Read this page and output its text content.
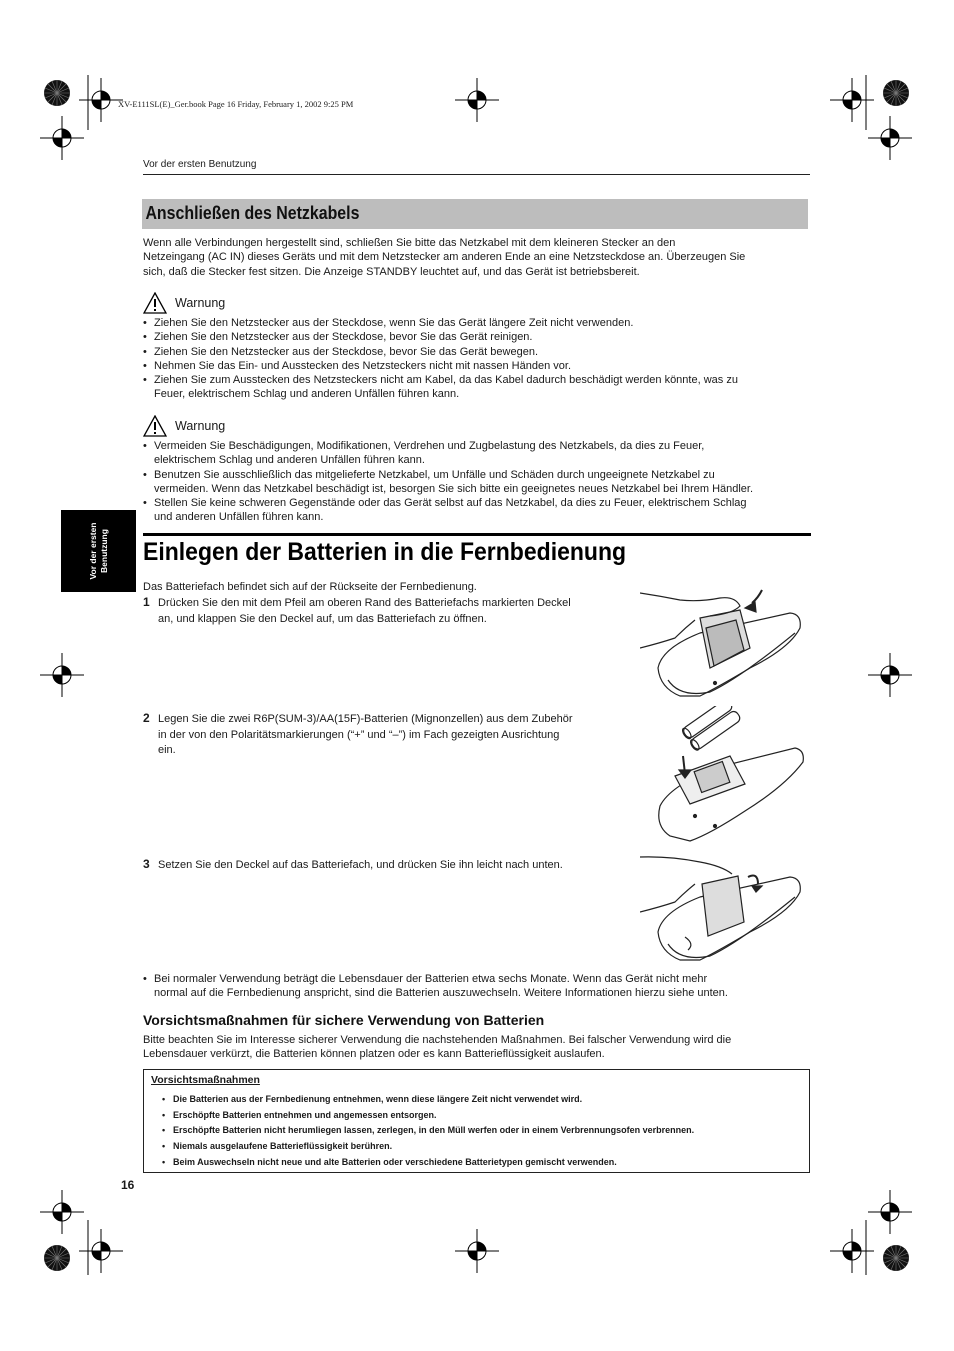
XV-E111SL(E)_Ger.book Page 16 Friday, February 1, 2002 9:25 PM
Vor der ersten Benutzung
Anschließen des Netzkabels
Wenn alle Verbindungen hergestellt sind, schließen Sie bitte das Netzkabel mit dem kleineren Stecker an den
Netzeingang (AC IN) dieses Geräts und mit dem Netzstecker am anderen Ende an eine Netzsteckdose an. Überzeugen Sie
sich, daß die Stecker fest sitzen. Die Anzeige STANDBY leuchtet auf, und das Gerät ist betriebsbereit.
Warnung
• Ziehen Sie den Netzstecker aus der Steckdose, wenn Sie das Gerät längere Zeit nicht verwenden.
• Ziehen Sie den Netzstecker aus der Steckdose, bevor Sie das Gerät reinigen.
• Ziehen Sie den Netzstecker aus der Steckdose, bevor Sie das Gerät bewegen.
• Nehmen Sie das Ein- und Ausstecken des Netzsteckers nicht mit nassen Händen vor.
• Ziehen Sie zum Ausstecken des Netzsteckers nicht am Kabel, da das Kabel dadurch beschädigt werden könnte, was zu
Feuer, elektrischem Schlag und anderen Unfällen führen kann.
Warnung
• Vermeiden Sie Beschädigungen, Modifikationen, Verdrehen und Zugbelastung des Netzkabels, da dies zu Feuer,
elektrischem Schlag und anderen Unfällen führen kann.
• Benutzen Sie ausschließlich das mitgelieferte Netzkabel, um Unfälle und Schäden durch ungeeignete Netzkabel zu
vermeiden. Wenn das Netzkabel beschädigt ist, besorgen Sie sich bitte ein geeignetes neues Netzkabel bei Ihrem Händler.
• Stellen Sie keine schweren Gegenstände oder das Gerät selbst auf das Netzkabel, da dies zu Feuer, elektrischem Schlag
und anderen Unfällen führen kann.
Vor der ersten Benutzung Einlegen der Batterien in die Fernbedienung
Das Batteriefach befindet sich auf der Rückseite der Fernbedienung.
1 Drücken Sie den mit dem Pfeil am oberen Rand des Batteriefachs markierten Deckel
an, und klappen Sie den Deckel auf, um das Batteriefach zu öffnen.
2 Legen Sie die zwei R6P(SUM-3)/AA(15F)-Batterien (Mignonzellen) aus dem Zubehör
in der von den Polaritätsmarkierungen (“+” und “–”) im Fach gezeigten Ausrichtung
ein.
3 Setzen Sie den Deckel auf das Batteriefach, und drücken Sie ihn leicht nach unten.
• Bei normaler Verwendung beträgt die Lebensdauer der Batterien etwa sechs Monate. Wenn das Gerät nicht mehr
normal auf die Fernbedienung anspricht, sind die Batterien auszuwechseln. Weitere Informationen hierzu siehe unten.
Vorsichtsmaßnahmen für sichere Verwendung von Batterien
Bitte beachten Sie im Interesse sicherer Verwendung die nachstehenden Maßnahmen. Bei falscher Verwendung wird die
Lebensdauer verkürzt, die Batterien können platzen oder es kann Batterieflüssigkeit auslaufen.
Vorsichtsmaßnahmen
• Die Batterien aus der Fernbedienung entnehmen, wenn diese längere Zeit nicht verwendet wird.
• Erschöpfte Batterien entnehmen und angemessen entsorgen.
• Erschöpfte Batterien nicht herumliegen lassen, zerlegen, in den Müll werfen oder in einem Verbrennungsofen verbrennen.
• Niemals ausgelaufene Batterieflüssigkeit berühren.
• Beim Auswechseln nicht neue und alte Batterien oder verschiedene Batterietypen gemischt verwenden.
16
